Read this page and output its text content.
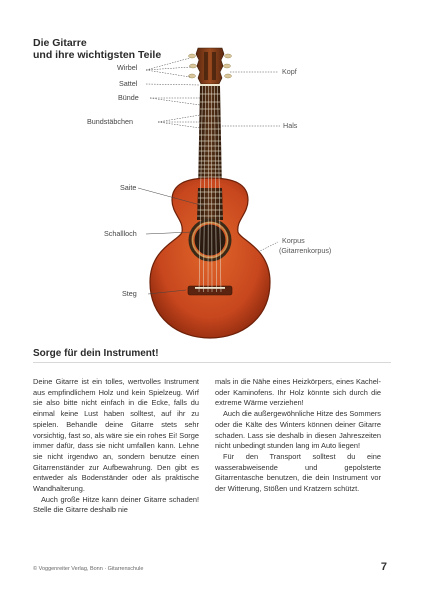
Die Gitarre
und ihre wichtigsten Teile
Wirbel
Sattel
Bünde
Bundstäbchen
Saite
Schallloch
Steg
Kopf
Hals
Korpus
(Gitarrenkorpus)
Sorge für dein Instrument!

Deine Gitarre ist ein tolles, wertvolles Instrument aus empfindlichem Holz und kein Spielzeug. Wirf sie also bitte nicht einfach in die Ecke, falls du einmal keine Lust haben solltest, auf ihr zu spielen. Behandle deine Gitarre stets sehr vorsichtig, fast so, als wäre sie ein rohes Ei! Sorge immer dafür, dass sie nicht umfallen kann. Lehne sie nicht irgendwo an, sondern benutze einen Gitarrenständer zur Aufbewahrung. Den gibt es entweder als Bodenständer oder als praktische Wandhalterung.

Auch große Hitze kann deiner Gitarre schaden! Stelle die Gitarre deshalb nie

mals in die Nähe eines Heizkörpers, eines Kachel- oder Kaminofens. Ihr Holz könnte sich durch die extreme Wärme verziehen!

Auch die außergewöhnliche Hitze des Sommers oder die Kälte des Winters können deiner Gitarre schaden. Lass sie deshalb in diesen Jahreszeiten nicht unbedingt stunden lang im Auto liegen!

Für den Transport solltest du eine wasserabweisende und gepolsterte Gitarrentasche benutzen, die dein Instrument vor der Witterung, Stößen und Kratzern schützt.

© Voggenreiter Verlag, Bonn · Gitarrenschule	7
